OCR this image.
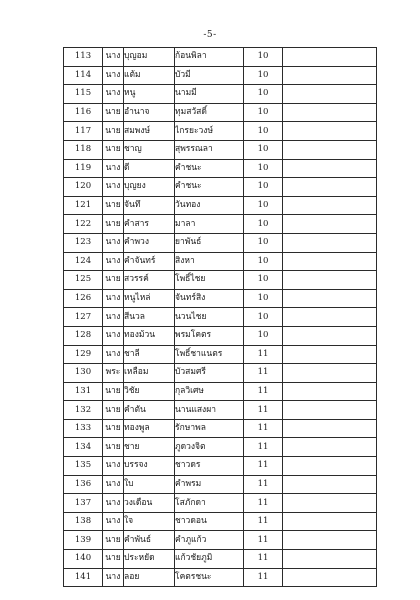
-5-
113	นาง	บุญอม	ก้อนพิลา	10	
114	นาง	แต้ม	บัวมี	10	
115	นาง	หนู	นามมี	10	
116	นาย	อำนาจ	ทุมสวัสดิ์	10	
117	นาย	สมพงษ์	ไกรยะวงษ์	10	
118	นาย	ชาญ	สุพรรณลา	10	
119	นาง	ดี	คำชนะ	10	
120	นาง	บุญยง	คำชนะ	10	
121	นาย	จันทึ	วันทอง	10	
122	นาย	คำสาร	มาลา	10	
123	นาง	คำพวง	ยาพันธ์	10	
124	นาง	คำจันทร์	สิงหา	10	
125	นาย	สวรรค์	โพธิ์ไชย	10	
126	นาง	หนูไหล่	จันทร์สิง	10	
127	นาง	สีนวล	นวนไชย	10	
128	นาง	ทองม้วน	พรมโคตร	10	
129	นาง	ชาลี	โพธิ์ชาแนตร	11	
130	พระ	เหลือม	บัวสมศรี	11	
131	นาย	วิชัย	กุลวิเศษ	11	
132	นาย	คำตัน	นานแสงผา	11	
133	นาย	ทองพูล	รักษาพล	11	
134	นาย	ชาย	ภูดวงจิต	11	
135	นาง	บรรจง	ชาวดร	11	
136	นาง	ใบ	คำพรม	11	
137	นาง	วงเดือน	โสภักดา	11	
138	นาง	ใจ	ชาวดอน	11	
139	นาย	คำพันธ์	คำภูแก้ว	11	
140	นาย	ประหยัด	แก้วชัยภูมิ	11	
141	นาง	ลอย	โคตรชนะ	11	
